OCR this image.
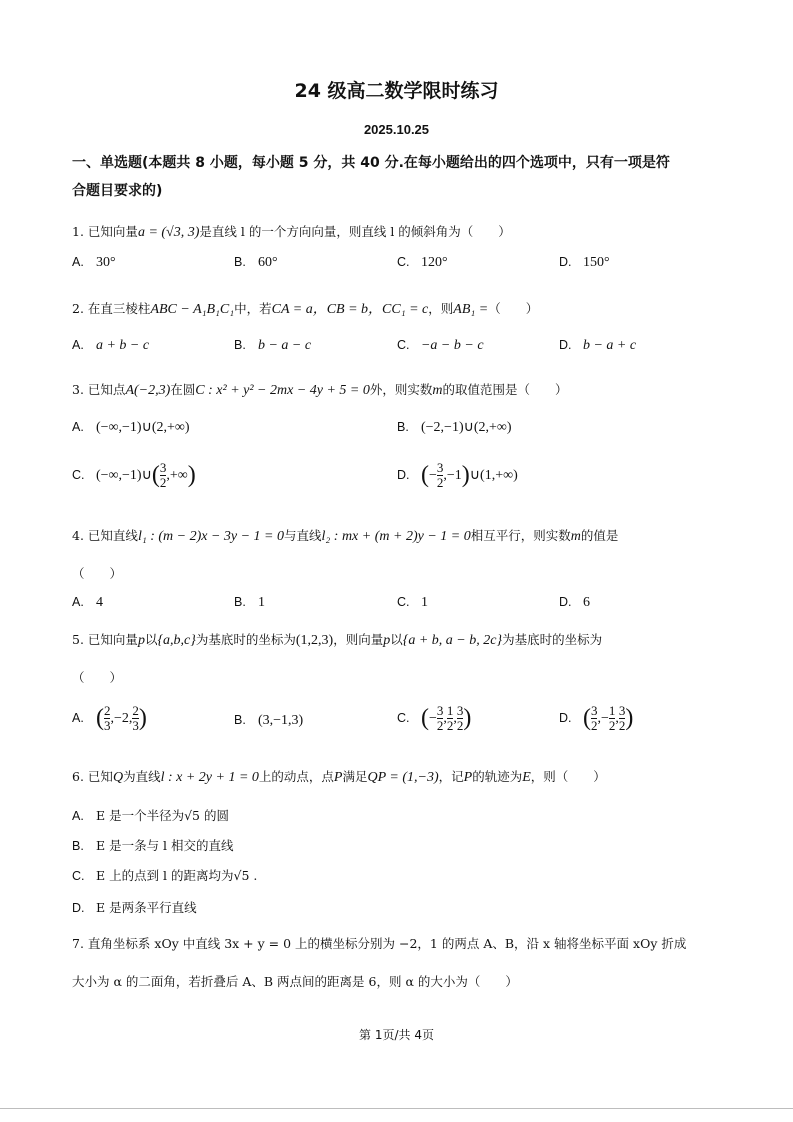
24 级高二数学限时练习
2025.10.25
一、单选题(本题共 8 小题，每小题 5 分，共 40 分.在每小题给出的四个选项中，只有一项是符
合题目要求的)
1. 已知向量a = (√3, 3)是直线 l 的一个方向向量，则直线 l 的倾斜角为（　　）
A. 30°	B. 60°	C. 120°	D. 150°
2. 在直三棱柱ABC − A₁B₁C₁中，若CA = a，CB = b，CC₁ = c，则AB₁ =（　　）
A. a + b − c	B. b − a − c	C. −a − b − c	D. b − a + c
3. 已知点A(−2,3)在圆C : x² + y² − 2mx − 4y + 5 = 0外，则实数m的取值范围是（　　）
A. (−∞,−1)∪(2,+∞)	B. (−2,−1)∪(2,+∞)
C. (−∞,−1)∪( $\frac{3}{2}$ ,+∞)	D. (− $\frac{3}{2}$ ,−1)∪(1,+∞)
4. 已知直线l₁ : (m − 2)x − 3y − 1 = 0与直线l₂ : mx + (m + 2)y − 1 = 0相互平行，则实数m的值是
（　　）
A. 4	B. 1	C. 1	D. 6
5. 已知向量p以{a,b,c}为基底时的坐标为(1,2,3)，则向量p以{a + b, a − b, 2c}为基底时的坐标为
（　　）
A. ( $\frac{2}{3} ,-2$, $\frac{2}{3}$ )	B. (3,−1,3)	C. (− $\frac{3}{2}$ , $\frac{1}{2}$ , $\frac{3}{2}$ )	D. ( $\frac{3}{2}$ ,− $\frac{1}{2}$ , $\frac{3}{2}$ )
6. 已知Q为直线l : x + 2y + 1 = 0上的动点，点P满足QP = (1,−3)，记P的轨迹为E，则（　　）
A. E 是一个半径为√5 的圆
B. E 是一条与 l 相交的直线
C. E 上的点到 l 的距离均为√5 .
D. E 是两条平行直线
7. 直角坐标系 xOy 中直线 3x + y = 0 上的横坐标分别为 −2，1 的两点 A、B，沿 x 轴将坐标平面 xOy 折成
大小为 α 的二面角，若折叠后 A、B 两点间的距离是 6，则 α 的大小为（　　）
第 1页/共 4页
